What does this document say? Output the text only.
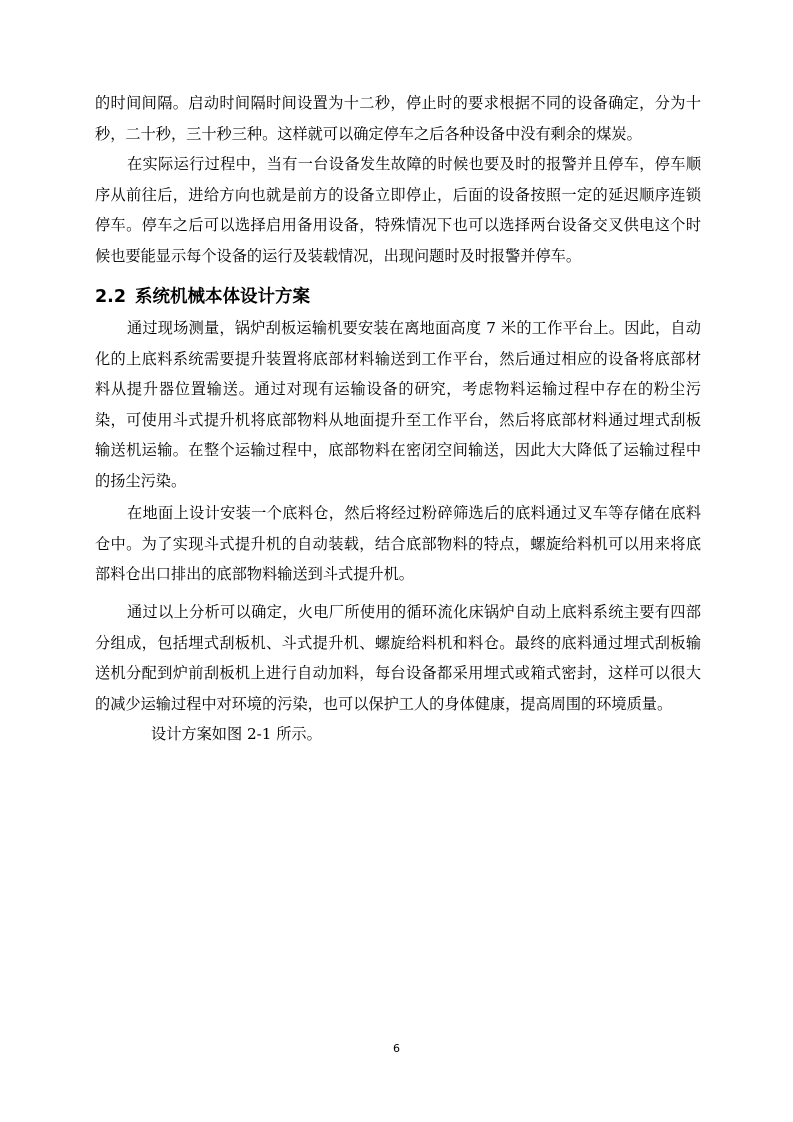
的时间间隔。启动时间隔时间设置为十二秒，停止时的要求根据不同的设备确定，分为十秒，二十秒，三十秒三种。这样就可以确定停车之后各种设备中没有剩余的煤炭。

在实际运行过程中，当有一台设备发生故障的时候也要及时的报警并且停车，停车顺序从前往后，进给方向也就是前方的设备立即停止，后面的设备按照一定的延迟顺序连锁停车。停车之后可以选择启用备用设备，特殊情况下也可以选择两台设备交叉供电这个时候也要能显示每个设备的运行及装载情况，出现问题时及时报警并停车。

2.2 系统机械本体设计方案

通过现场测量，锅炉刮板运输机要安装在离地面高度 7 米的工作平台上。因此，自动化的上底料系统需要提升装置将底部材料输送到工作平台，然后通过相应的设备将底部材料从提升器位置输送。通过对现有运输设备的研究，考虑物料运输过程中存在的粉尘污染，可使用斗式提升机将底部物料从地面提升至工作平台，然后将底部材料通过埋式刮板输送机运输。在整个运输过程中，底部物料在密闭空间输送，因此大大降低了运输过程中的扬尘污染。

在地面上设计安装一个底料仓，然后将经过粉碎筛选后的底料通过叉车等存储在底料仓中。为了实现斗式提升机的自动装载，结合底部物料的特点，螺旋给料机可以用来将底部料仓出口排出的底部物料输送到斗式提升机。

通过以上分析可以确定，火电厂所使用的循环流化床锅炉自动上底料系统主要有四部分组成，包括埋式刮板机、斗式提升机、螺旋给料机和料仓。最终的底料通过埋式刮板输送机分配到炉前刮板机上进行自动加料，每台设备都采用埋式或箱式密封，这样可以很大的减少运输过程中对环境的污染，也可以保护工人的身体健康，提高周围的环境质量。

设计方案如图 2-1 所示。

6
